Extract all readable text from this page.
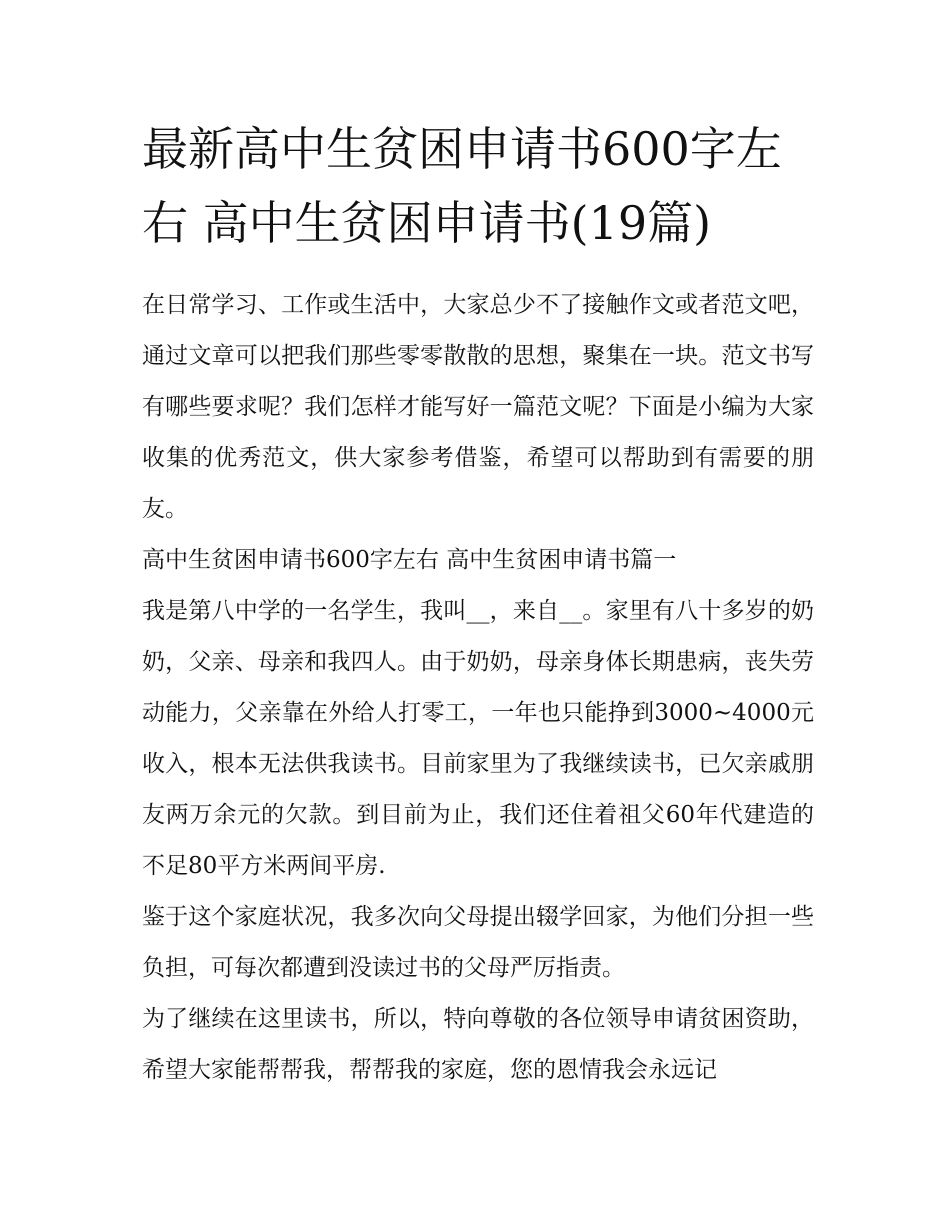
最新高中生贫困申请书600字左右 高中生贫困申请书(19篇)

在日常学习、工作或生活中，大家总少不了接触作文或者范文吧，通过文章可以把我们那些零零散散的思想，聚集在一块。范文书写有哪些要求呢？我们怎样才能写好一篇范文呢？下面是小编为大家收集的优秀范文，供大家参考借鉴，希望可以帮助到有需要的朋友。

高中生贫困申请书600字左右 高中生贫困申请书篇一

我是第八中学的一名学生，我叫__，来自__。家里有八十多岁的奶奶，父亲、母亲和我四人。由于奶奶，母亲身体长期患病，丧失劳动能力，父亲靠在外给人打零工，一年也只能挣到3000~4000元收入，根本无法供我读书。目前家里为了我继续读书，已欠亲戚朋友两万余元的欠款。到目前为止，我们还住着祖父60年代建造的不足80平方米两间平房.

鉴于这个家庭状况，我多次向父母提出辍学回家，为他们分担一些负担，可每次都遭到没读过书的父母严厉指责。

为了继续在这里读书，所以，特向尊敬的各位领导申请贫困资助，希望大家能帮帮我，帮帮我的家庭，您的恩情我会永远记
